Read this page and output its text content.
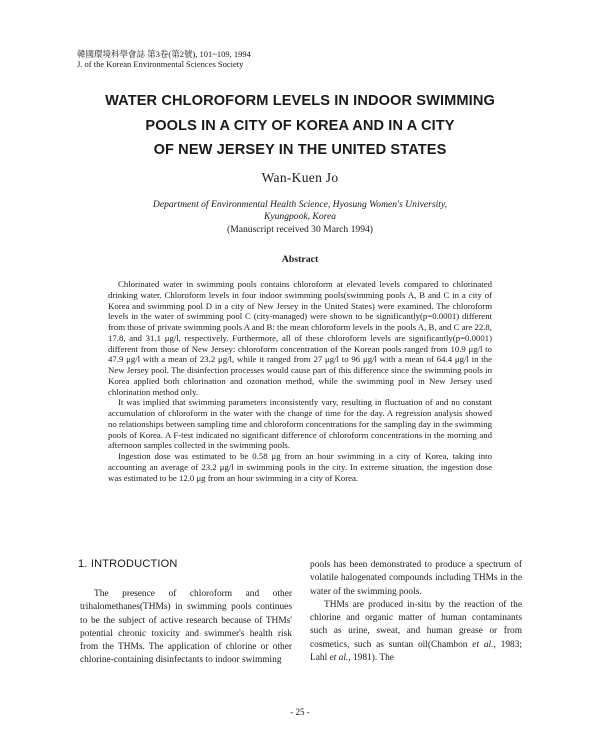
韓國環境科學會誌 第3卷(第2號), 101~109, 1994
J. of the Korean Environmental Sciences Society
WATER CHLOROFORM LEVELS IN INDOOR SWIMMING
POOLS IN A CITY OF KOREA AND IN A CITY
OF NEW JERSEY IN THE UNITED STATES
Wan-Kuen Jo
Department of Environmental Health Science, Hyosung Women's University,
Kyungpook, Korea
(Manuscript received 30 March 1994)
Abstract

Chlorinated water in swimming pools contains chloroform at elevated levels compared to chlorinated drinking water. Chloroform levels in four indoor swimming pools(swimming pools A, B and C in a city of Korea and swimming pool D in a city of New Jersey in the United States) were examined. The chloroform levels in the water of swimming pool C (city-managed) were shown to be significantly(p=0.0001) different from those of private swimming pools A and B: the mean chloroform levels in the pools A, B, and C are 22.8, 17.8, and 31.1 μg/l, respectively. Furthermore, all of these chloroform levels are significantly(p=0.0001) different from those of New Jersey: chloroform concentration of the Korean pools ranged from 10.9 μg/l to 47.9 μg/l with a mean of 23.2 μg/l, while it ranged from 27 μg/l to 96 μg/l with a mean of 64.4 μg/l in the New Jersey pool. The disinfection processes would cause part of this difference since the swimming pools in Korea applied both chlorination and ozonation method, while the swimming pool in New Jersey used chlorination method only.

It was implied that swimming parameters inconsistently vary, resulting in fluctuation of and no constant accumulation of chloroform in the water with the change of time for the day. A regression analysis showed no relationships between sampling time and chloroform concentrations for the sampling day in the swimming pools of Korea. A F-test indicated no significant difference of chloroform concentrations in the morning and afternoon samples collected in the swimming pools.

Ingestion dose was estimated to be 0.58 μg from an hour swimming in a city of Korea, taking into accounting an average of 23.2 μg/l in swimming pools in the city. In extreme situation, the ingestion dose was estimated to be 12.0 μg from an hour swimming in a city of Korea.

1. INTRODUCTION

The presence of chloroform and other trihalomethanes(THMs) in swimming pools continues to be the subject of active research because of THMs' potential chronic toxicity and swimmer's health risk from the THMs. The application of chlorine or other chlorine-containing disinfectants to indoor swimming

pools has been demonstrated to produce a spectrum of volatile halogenated compounds including THMs in the water of the swimming pools.

THMs are produced in-situ by the reaction of the chlorine and organic matter of human contaminants such as urine, sweat, and human grease or from cosmetics, such as suntan oil(Chambon et al., 1983; Lahl et al., 1981). The

- 25 -
